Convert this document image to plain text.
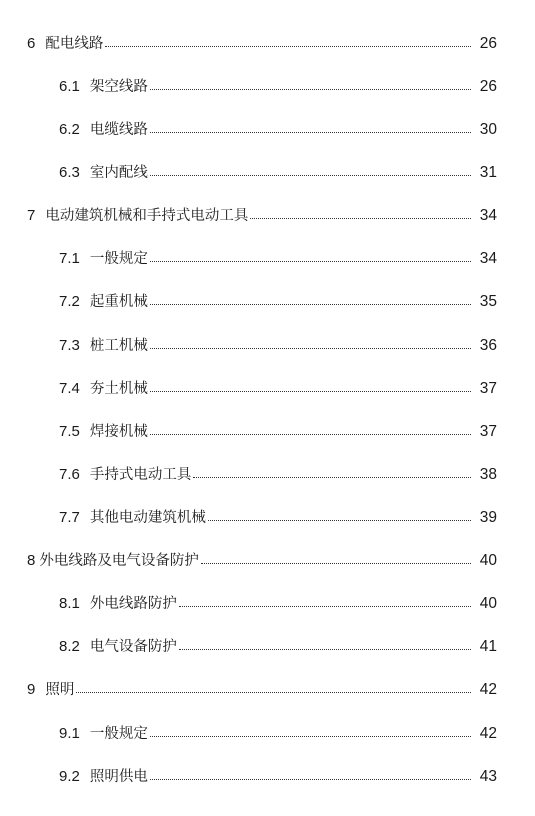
6 配电线路	26
6.1 架空线路	26
6.2 电缆线路	30
6.3 室内配线	31
7 电动建筑机械和手持式电动工具	34
7.1 一般规定	34
7.2 起重机械	35
7.3 桩工机械	36
7.4 夯土机械	37
7.5 焊接机械	37
7.6 手持式电动工具	38
7.7 其他电动建筑机械	39
8 外电线路及电气设备防护	40
8.1 外电线路防护	40
8.2 电气设备防护	41
9 照明	42
9.1 一般规定	42
9.2 照明供电	43
